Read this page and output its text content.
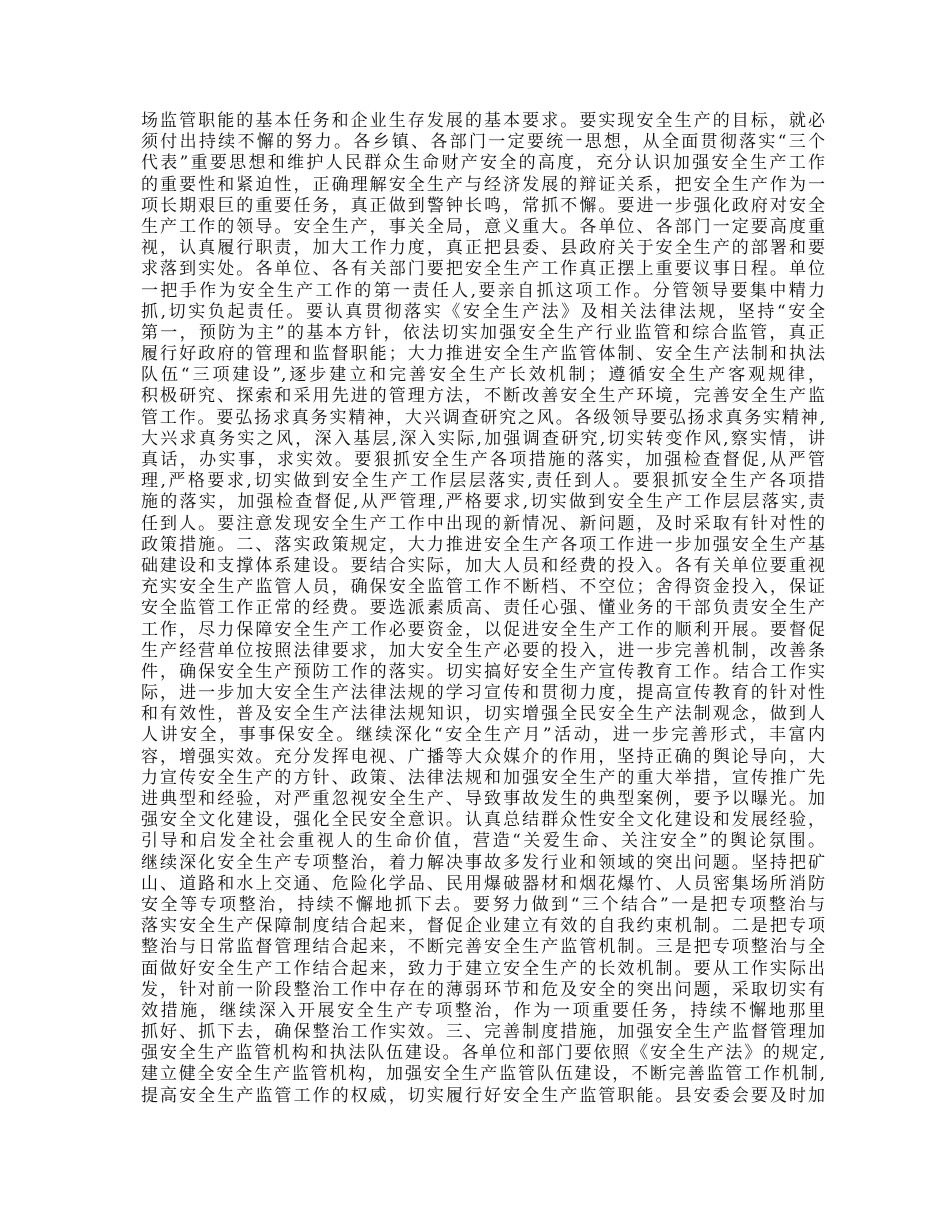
场监管职能的基本任务和企业生存发展的基本要求。要实现安全生产的目标，就必
须付出持续不懈的努力。各乡镇、各部门一定要统一思想，从全面贯彻落实“三个
代表”重要思想和维护人民群众生命财产安全的高度，充分认识加强安全生产工作
的重要性和紧迫性，正确理解安全生产与经济发展的辩证关系，把安全生产作为一
项长期艰巨的重要任务，真正做到警钟长鸣，常抓不懈。要进一步强化政府对安全
生产工作的领导。安全生产，事关全局，意义重大。各单位、各部门一定要高度重
视，认真履行职责，加大工作力度，真正把县委、县政府关于安全生产的部署和要
求落到实处。各单位、各有关部门要把安全生产工作真正摆上重要议事日程。单位
一把手作为安全生产工作的第一责任人,要亲自抓这项工作。分管领导要集中精力
抓,切实负起责任。要认真贯彻落实《安全生产法》及相关法律法规，坚持“安全
第一，预防为主”的基本方针，依法切实加强安全生产行业监管和综合监管，真正
履行好政府的管理和监督职能；大力推进安全生产监管体制、安全生产法制和执法
队伍“三项建设”,逐步建立和完善安全生产长效机制；遵循安全生产客观规律，
积极研究、探索和采用先进的管理方法，不断改善安全生产环境，完善安全生产监
管工作。要弘扬求真务实精神，大兴调查研究之风。各级领导要弘扬求真务实精神,
大兴求真务实之风，深入基层,深入实际,加强调查研究,切实转变作风,察实情，讲
真话，办实事，求实效。要狠抓安全生产各项措施的落实，加强检查督促,从严管
理,严格要求,切实做到安全生产工作层层落实,责任到人。要狠抓安全生产各项措
施的落实，加强检查督促,从严管理,严格要求,切实做到安全生产工作层层落实,责
任到人。要注意发现安全生产工作中出现的新情况、新问题，及时采取有针对性的
政策措施。二、落实政策规定，大力推进安全生产各项工作进一步加强安全生产基
础建设和支撑体系建设。要结合实际，加大人员和经费的投入。各有关单位要重视
充实安全生产监管人员，确保安全监管工作不断档、不空位；舍得资金投入，保证
安全监管工作正常的经费。要选派素质高、责任心强、懂业务的干部负责安全生产
工作，尽力保障安全生产工作必要资金，以促进安全生产工作的顺利开展。要督促
生产经营单位按照法律要求，加大安全生产必要的投入，进一步完善机制，改善条
件，确保安全生产预防工作的落实。切实搞好安全生产宣传教育工作。结合工作实
际，进一步加大安全生产法律法规的学习宣传和贯彻力度，提高宣传教育的针对性
和有效性，普及安全生产法律法规知识，切实增强全民安全生产法制观念，做到人
人讲安全，事事保安全。继续深化“安全生产月”活动，进一步完善形式，丰富内
容，增强实效。充分发挥电视、广播等大众媒介的作用，坚持正确的舆论导向，大
力宣传安全生产的方针、政策、法律法规和加强安全生产的重大举措，宣传推广先
进典型和经验，对严重忽视安全生产、导致事故发生的典型案例，要予以曝光。加
强安全文化建设，强化全民安全意识。认真总结群众性安全文化建设和发展经验，
引导和启发全社会重视人的生命价值，营造“关爱生命、关注安全”的舆论氛围。
继续深化安全生产专项整治，着力解决事故多发行业和领域的突出问题。坚持把矿
山、道路和水上交通、危险化学品、民用爆破器材和烟花爆竹、人员密集场所消防
安全等专项整治，持续不懈地抓下去。要努力做到“三个结合”一是把专项整治与
落实安全生产保障制度结合起来，督促企业建立有效的自我约束机制。二是把专项
整治与日常监督管理结合起来，不断完善安全生产监管机制。三是把专项整治与全
面做好安全生产工作结合起来，致力于建立安全生产的长效机制。要从工作实际出
发，针对前一阶段整治工作中存在的薄弱环节和危及安全的突出问题，采取切实有
效措施，继续深入开展安全生产专项整治，作为一项重要任务，持续不懈地那里
抓好、抓下去，确保整治工作实效。三、完善制度措施，加强安全生产监督管理加
强安全生产监管机构和执法队伍建设。各单位和部门要依照《安全生产法》的规定,
建立健全安全生产监管机构，加强安全生产监管队伍建设，不断完善监管工作机制,
提高安全生产监管工作的权威，切实履行好安全生产监管职能。县安委会要及时加
